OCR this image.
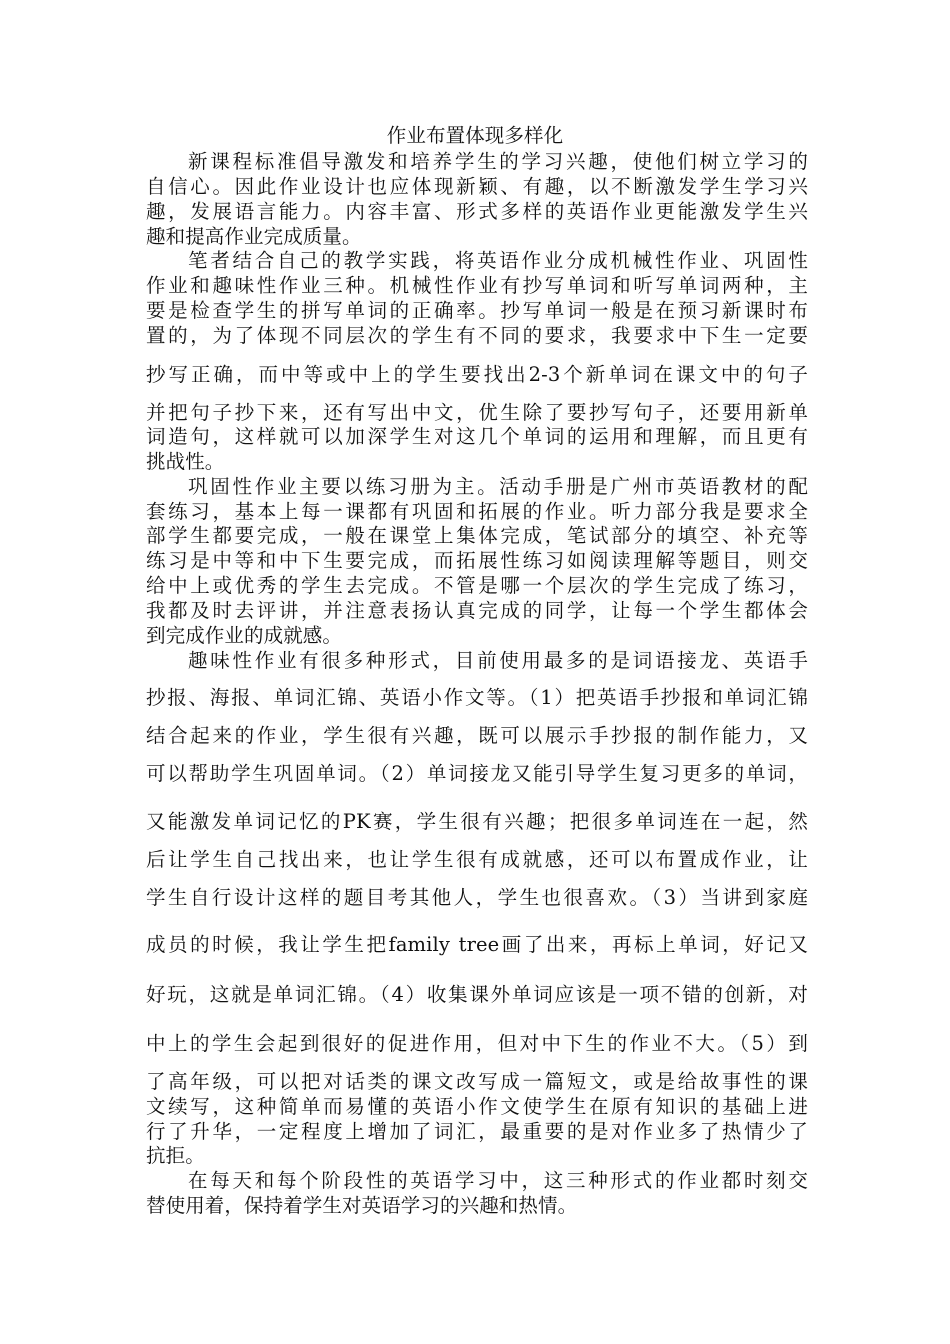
作业布置体现多样化
新课程标准倡导激发和培养学生的学习兴趣，使他们树立学习的
自信心。因此作业设计也应体现新颖、有趣，以不断激发学生学习兴
趣，发展语言能力。内容丰富、形式多样的英语作业更能激发学生兴
趣和提高作业完成质量。
笔者结合自己的教学实践，将英语作业分成机械性作业、巩固性
作业和趣味性作业三种。机械性作业有抄写单词和听写单词两种，主
要是检查学生的拼写单词的正确率。抄写单词一般是在预习新课时布
置的，为了体现不同层次的学生有不同的要求，我要求中下生一定要
抄写正确，而中等或中上的学生要找出2-3个新单词在课文中的句子
并把句子抄下来，还有写出中文，优生除了要抄写句子，还要用新单
词造句，这样就可以加深学生对这几个单词的运用和理解，而且更有
挑战性。
巩固性作业主要以练习册为主。活动手册是广州市英语教材的配
套练习，基本上每一课都有巩固和拓展的作业。听力部分我是要求全
部学生都要完成，一般在课堂上集体完成，笔试部分的填空、补充等
练习是中等和中下生要完成，而拓展性练习如阅读理解等题目，则交
给中上或优秀的学生去完成。不管是哪一个层次的学生完成了练习，
我都及时去评讲，并注意表扬认真完成的同学，让每一个学生都体会
到完成作业的成就感。
趣味性作业有很多种形式，目前使用最多的是词语接龙、英语手
抄报、海报、单词汇锦、英语小作文等。（1）把英语手抄报和单词汇锦
结合起来的作业，学生很有兴趣，既可以展示手抄报的制作能力，又
可以帮助学生巩固单词。（2）单词接龙又能引导学生复习更多的单词，
又能激发单词记忆的PK赛，学生很有兴趣；把很多单词连在一起，然
后让学生自己找出来，也让学生很有成就感，还可以布置成作业，让
学生自行设计这样的题目考其他人，学生也很喜欢。（3）当讲到家庭
成员的时候，我让学生把family tree画了出来，再标上单词，好记又
好玩，这就是单词汇锦。（4）收集课外单词应该是一项不错的创新，对
中上的学生会起到很好的促进作用，但对中下生的作业不大。（5）到
了高年级，可以把对话类的课文改写成一篇短文，或是给故事性的课
文续写，这种简单而易懂的英语小作文使学生在原有知识的基础上进
行了升华，一定程度上增加了词汇，最重要的是对作业多了热情少了
抗拒。
在每天和每个阶段性的英语学习中，这三种形式的作业都时刻交
替使用着，保持着学生对英语学习的兴趣和热情。
